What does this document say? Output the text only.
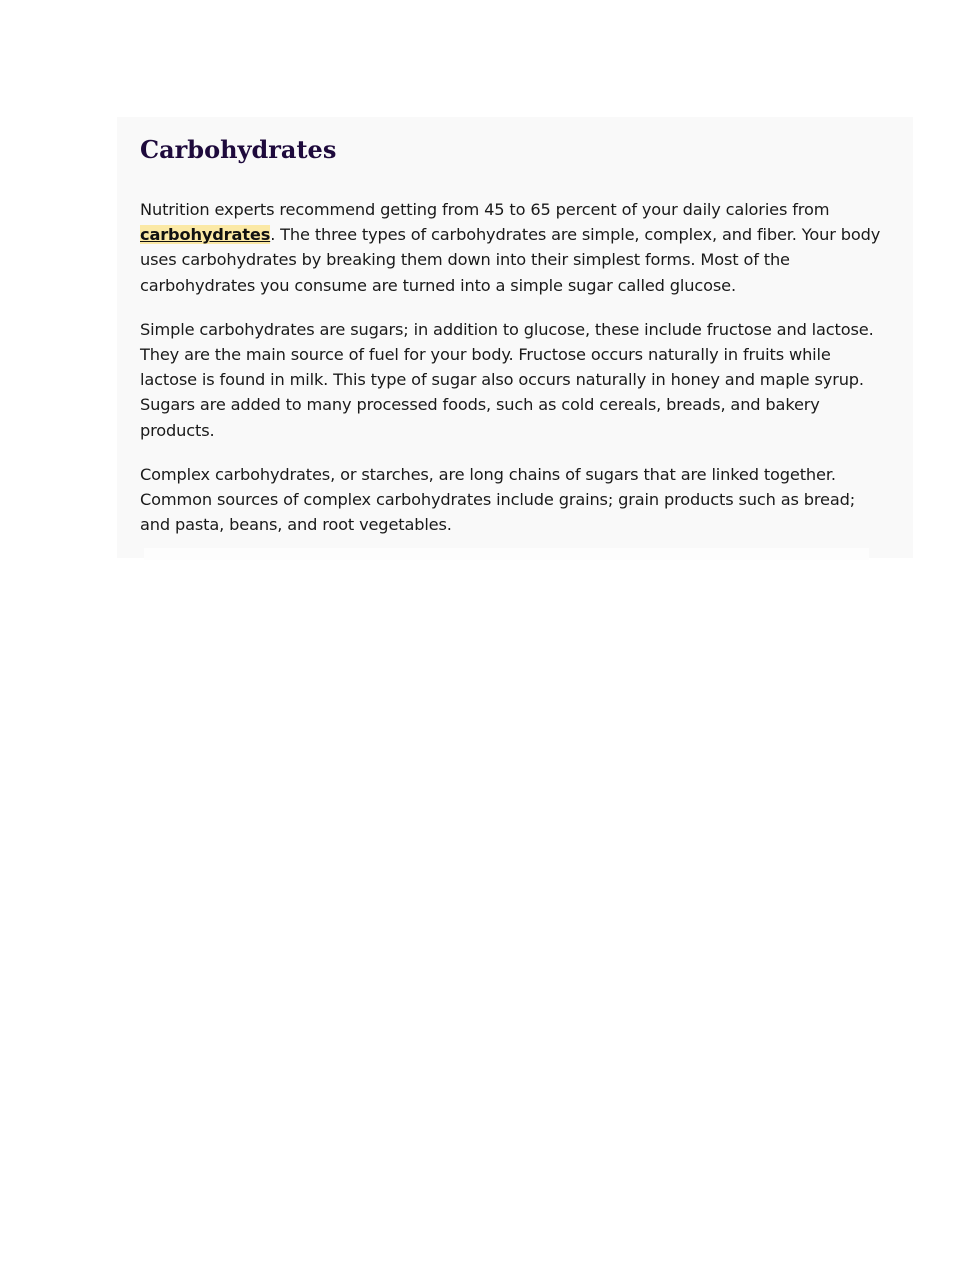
Carbohydrates

Nutrition experts recommend getting from 45 to 65 percent of your daily calories from carbohydrates. The three types of carbohydrates are simple, complex, and fiber. Your body uses carbohydrates by breaking them down into their simplest forms. Most of the carbohydrates you consume are turned into a simple sugar called glucose.

Simple carbohydrates are sugars; in addition to glucose, these include fructose and lactose. They are the main source of fuel for your body. Fructose occurs naturally in fruits while lactose is found in milk. This type of sugar also occurs naturally in honey and maple syrup. Sugars are added to many processed foods, such as cold cereals, breads, and bakery products.

Complex carbohydrates, or starches, are long chains of sugars that are linked together. Common sources of complex carbohydrates include grains; grain products such as bread; and pasta, beans, and root vegetables.
